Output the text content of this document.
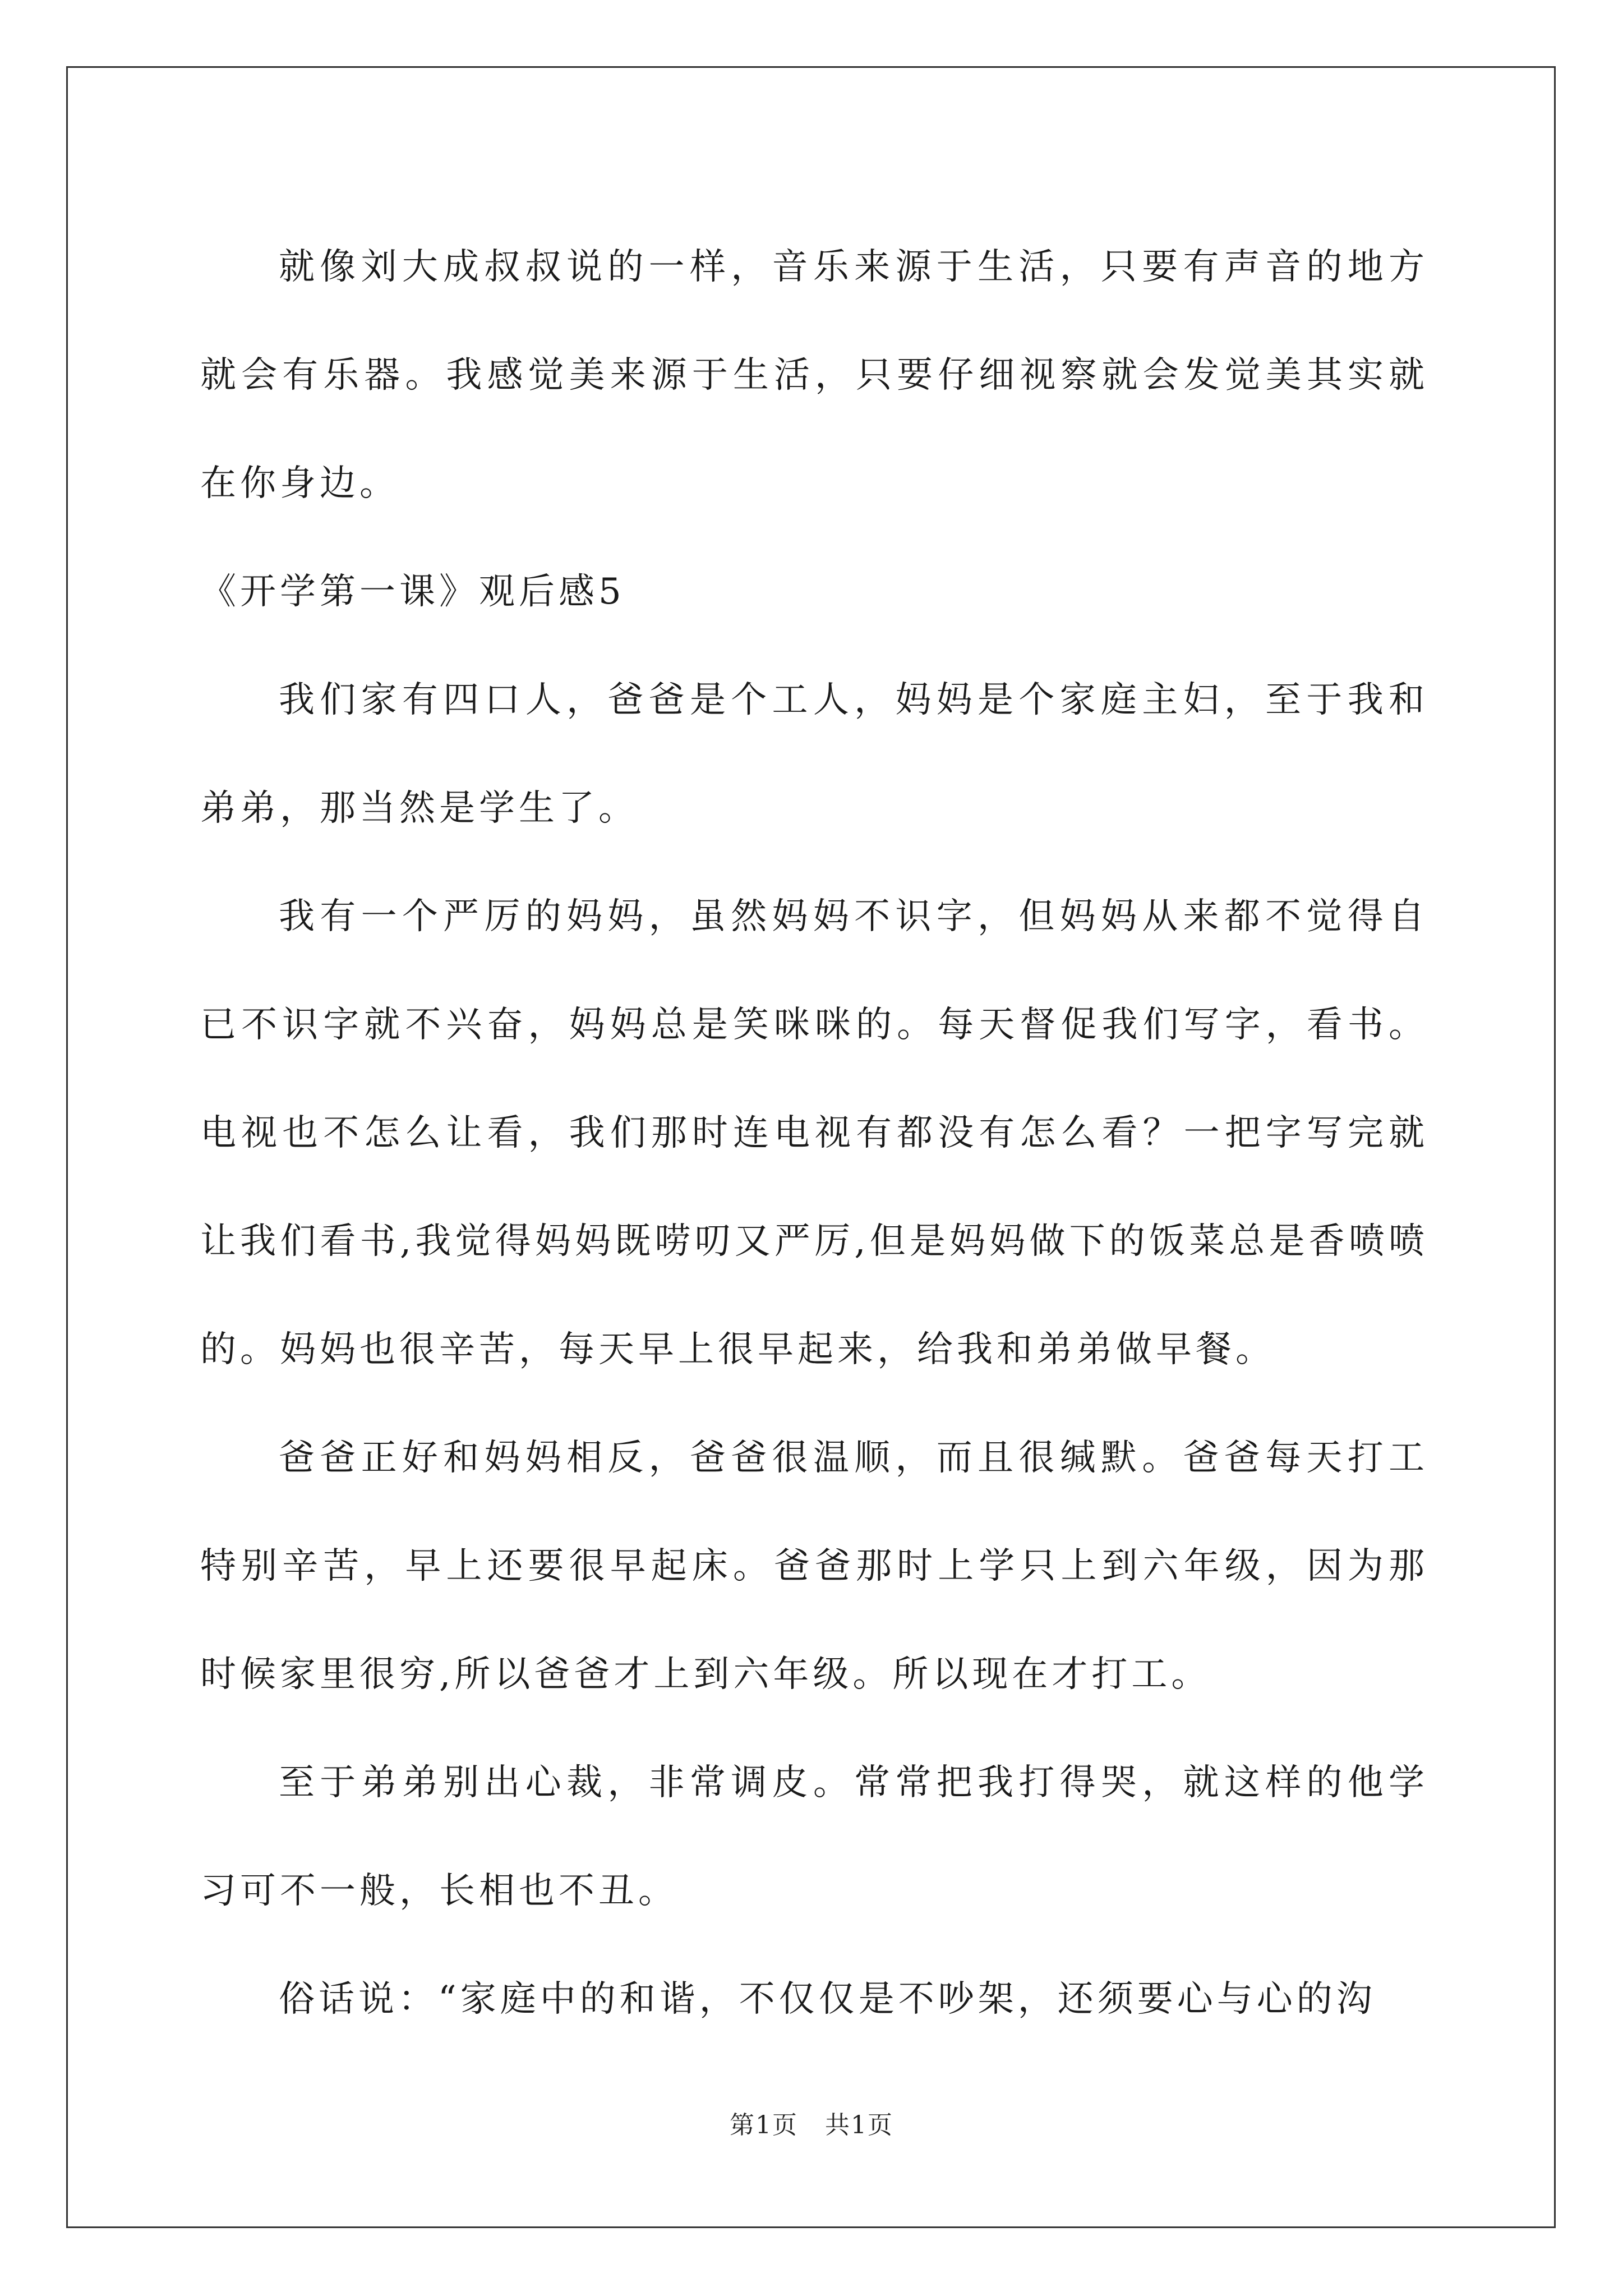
就像刘大成叔叔说的一样，音乐来源于生活，只要有声音的地方就会有乐器。我感觉美来源于生活，只要仔细视察就会发觉美其实就在你身边。

《开学第一课》观后感5

我们家有四口人，爸爸是个工人，妈妈是个家庭主妇，至于我和弟弟，那当然是学生了。

我有一个严厉的妈妈，虽然妈妈不识字，但妈妈从来都不觉得自已不识字就不兴奋，妈妈总是笑咪咪的。每天督促我们写字，看书。电视也不怎么让看，我们那时连电视有都没有怎么看？一把字写完就让我们看书,我觉得妈妈既唠叨又严厉,但是妈妈做下的饭菜总是香喷喷的。妈妈也很辛苦，每天早上很早起来，给我和弟弟做早餐。

爸爸正好和妈妈相反，爸爸很温顺，而且很缄默。爸爸每天打工特别辛苦，早上还要很早起床。爸爸那时上学只上到六年级，因为那时候家里很穷,所以爸爸才上到六年级。所以现在才打工。

至于弟弟别出心裁，非常调皮。常常把我打得哭，就这样的他学习可不一般，长相也不丑。

俗话说：“家庭中的和谐，不仅仅是不吵架，还须要心与心的沟

第1页 共1页
